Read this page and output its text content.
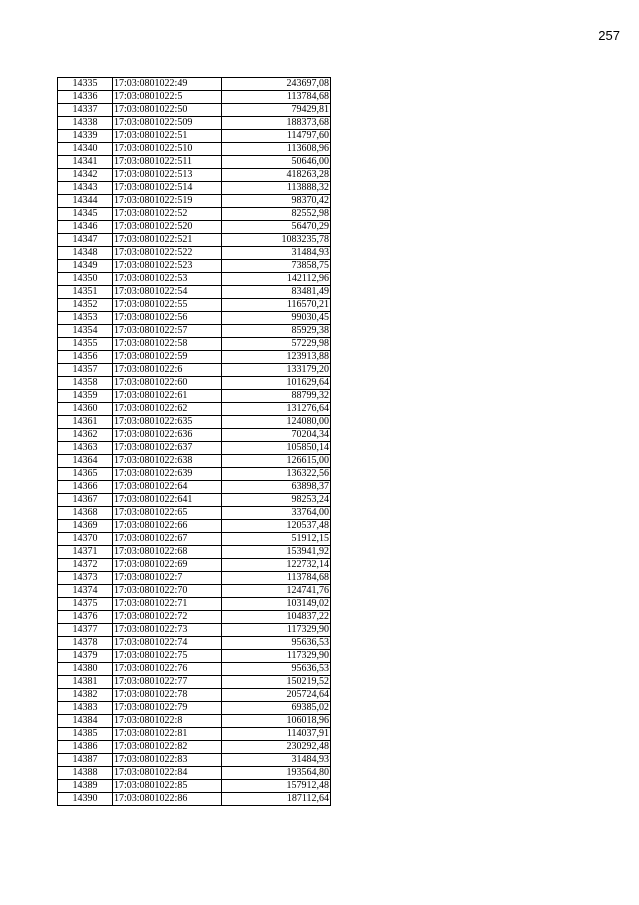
257
14335	17:03:0801022:49	243697,08
14336	17:03:0801022:5	113784,68
14337	17:03:0801022:50	79429,81
14338	17:03:0801022:509	188373,68
14339	17:03:0801022:51	114797,60
14340	17:03:0801022:510	113608,96
14341	17:03:0801022:511	50646,00
14342	17:03:0801022:513	418263,28
14343	17:03:0801022:514	113888,32
14344	17:03:0801022:519	98370,42
14345	17:03:0801022:52	82552,98
14346	17:03:0801022:520	56470,29
14347	17:03:0801022:521	1083235,78
14348	17:03:0801022:522	31484,93
14349	17:03:0801022:523	73858,75
14350	17:03:0801022:53	142112,96
14351	17:03:0801022:54	83481,49
14352	17:03:0801022:55	116570,21
14353	17:03:0801022:56	99030,45
14354	17:03:0801022:57	85929,38
14355	17:03:0801022:58	57229,98
14356	17:03:0801022:59	123913,88
14357	17:03:0801022:6	133179,20
14358	17:03:0801022:60	101629,64
14359	17:03:0801022:61	88799,32
14360	17:03:0801022:62	131276,64
14361	17:03:0801022:635	124080,00
14362	17:03:0801022:636	70204,34
14363	17:03:0801022:637	105850,14
14364	17:03:0801022:638	126615,00
14365	17:03:0801022:639	136322,56
14366	17:03:0801022:64	63898,37
14367	17:03:0801022:641	98253,24
14368	17:03:0801022:65	33764,00
14369	17:03:0801022:66	120537,48
14370	17:03:0801022:67	51912,15
14371	17:03:0801022:68	153941,92
14372	17:03:0801022:69	122732,14
14373	17:03:0801022:7	113784,68
14374	17:03:0801022:70	124741,76
14375	17:03:0801022:71	103149,02
14376	17:03:0801022:72	104837,22
14377	17:03:0801022:73	117329,90
14378	17:03:0801022:74	95636,53
14379	17:03:0801022:75	117329,90
14380	17:03:0801022:76	95636,53
14381	17:03:0801022:77	150219,52
14382	17:03:0801022:78	205724,64
14383	17:03:0801022:79	69385,02
14384	17:03:0801022:8	106018,96
14385	17:03:0801022:81	114037,91
14386	17:03:0801022:82	230292,48
14387	17:03:0801022:83	31484,93
14388	17:03:0801022:84	193564,80
14389	17:03:0801022:85	157912,48
14390	17:03:0801022:86	187112,64
